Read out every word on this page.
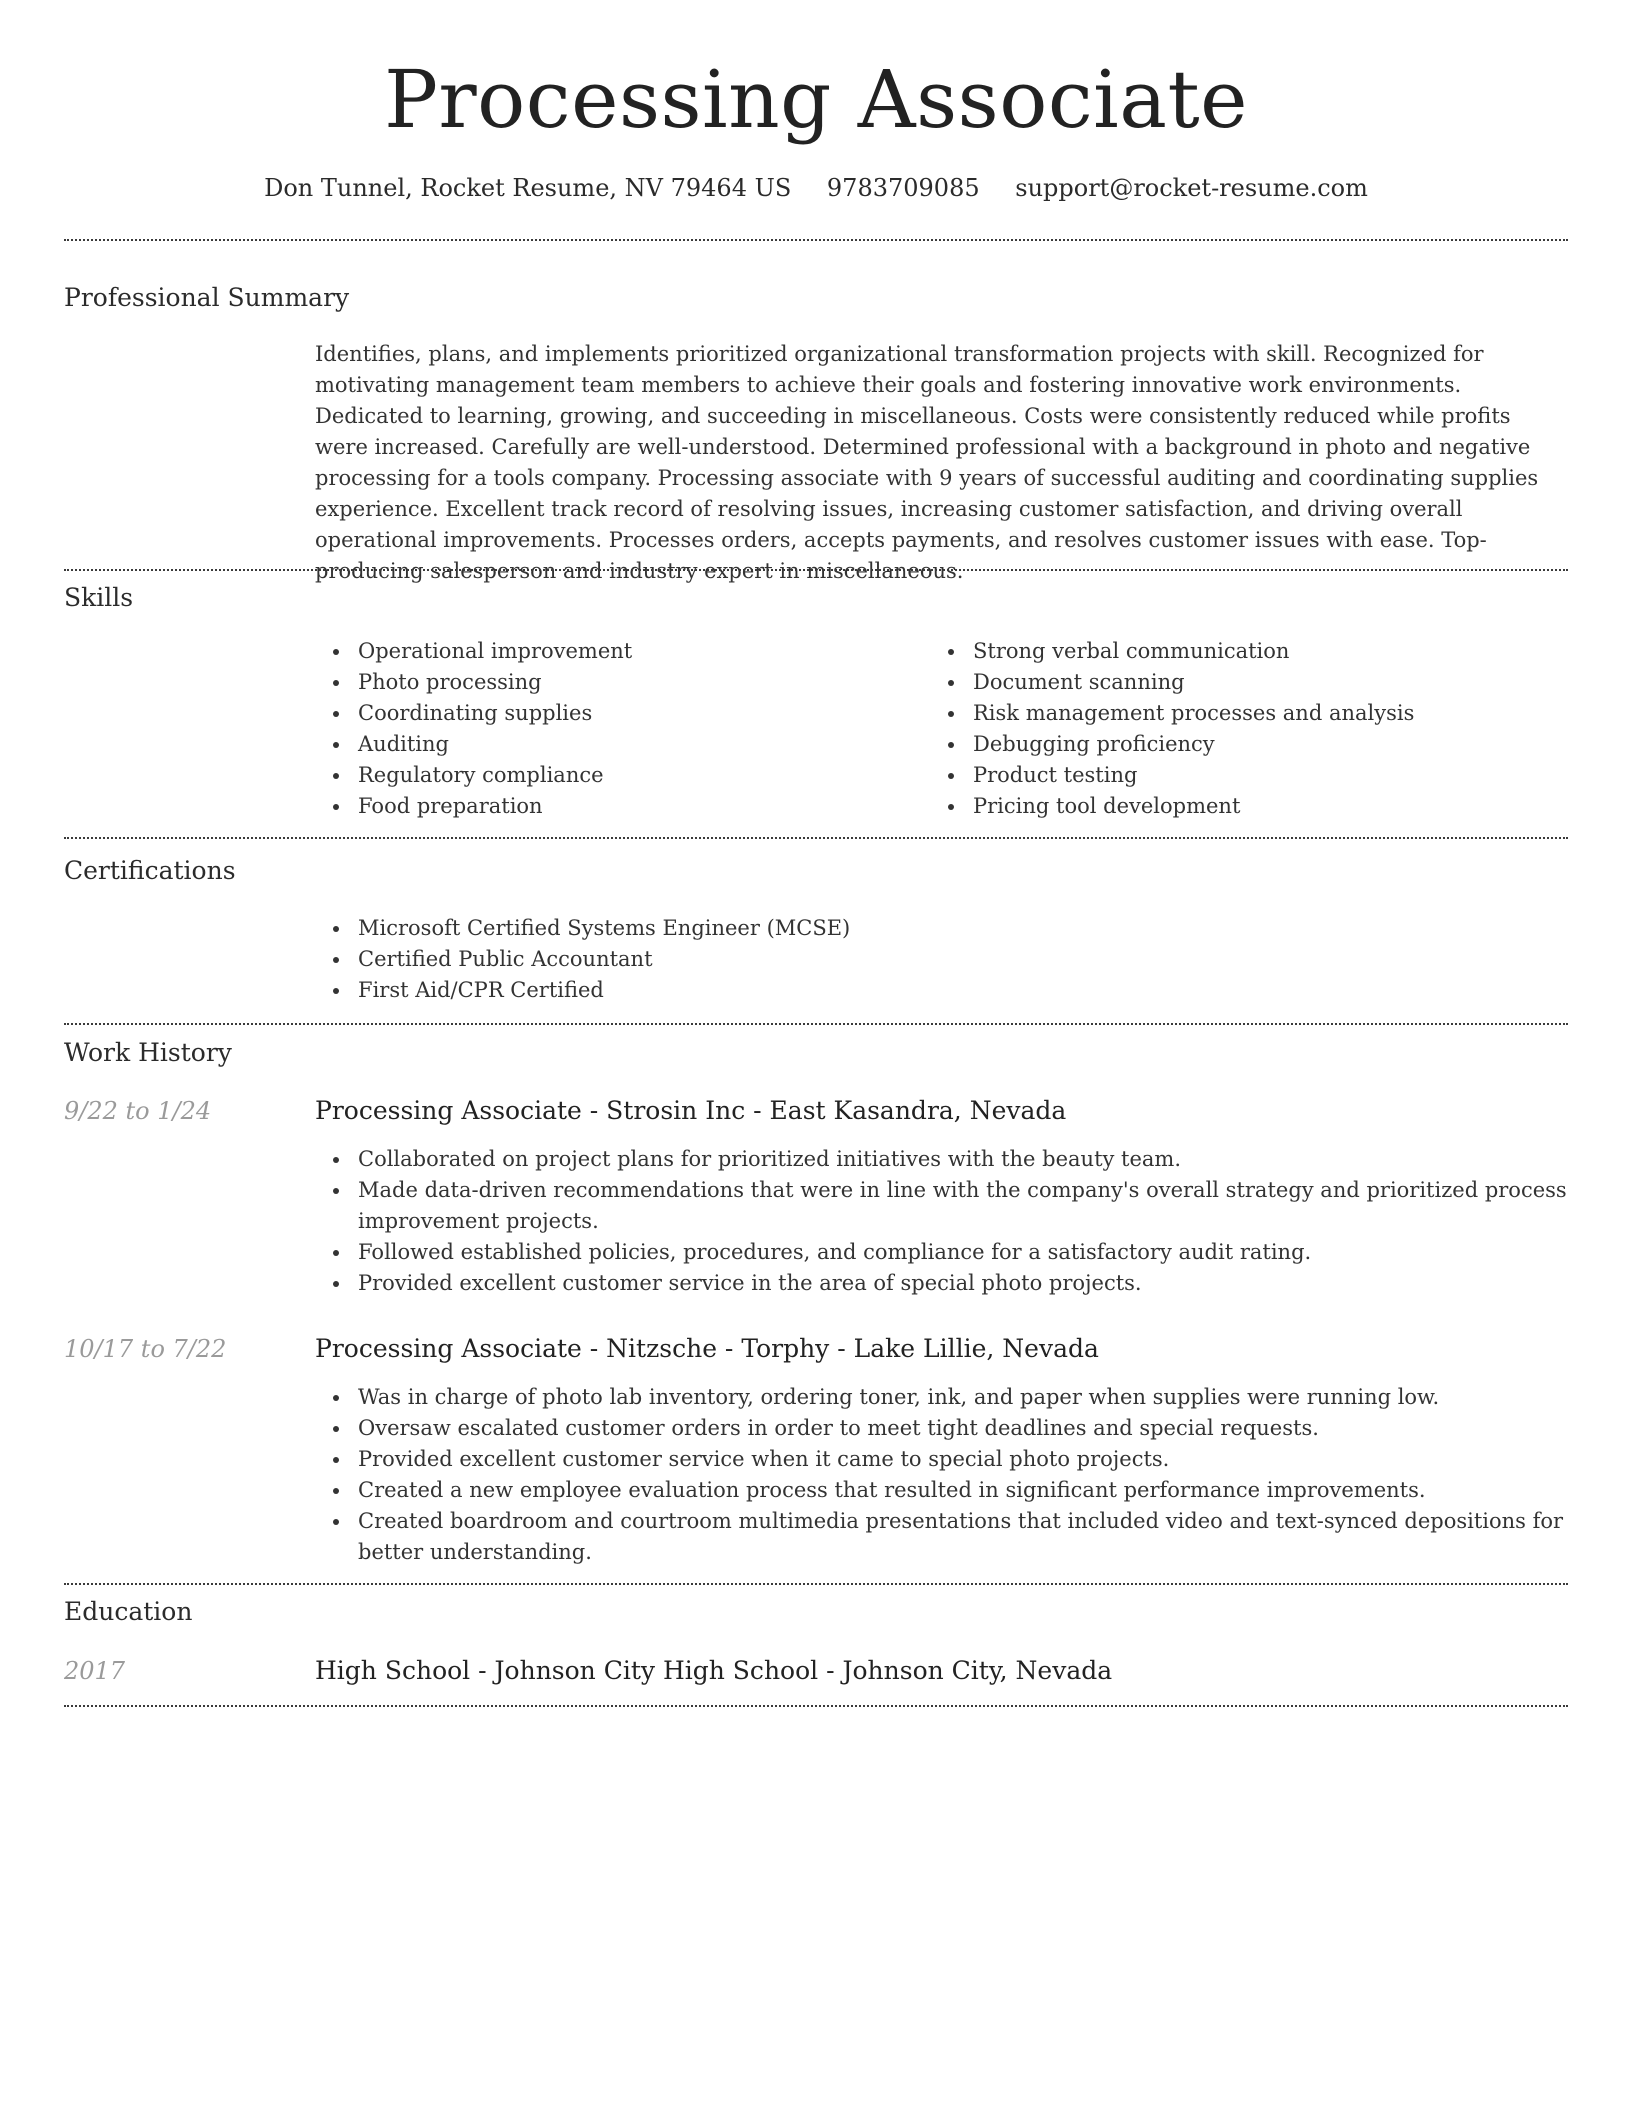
Processing Associate
Don Tunnel, Rocket Resume, NV 79464 US 9783709085 support@rocket-resume.com
Professional Summary
Identifies, plans, and implements prioritized organizational transformation projects with skill. Recognized for motivating management team members to achieve their goals and fostering innovative work environments. Dedicated to learning, growing, and succeeding in miscellaneous. Costs were consistently reduced while profits were increased. Carefully are well-understood. Determined professional with a background in photo and negative processing for a tools company. Processing associate with 9 years of successful auditing and coordinating supplies experience. Excellent track record of resolving issues, increasing customer satisfaction, and driving overall operational improvements. Processes orders, accepts payments, and resolves customer issues with ease. Top-producing salesperson and industry expert in miscellaneous.
Skills
Operational improvement
Photo processing
Coordinating supplies
Auditing
Regulatory compliance
Food preparation
Strong verbal communication
Document scanning
Risk management processes and analysis
Debugging proficiency
Product testing
Pricing tool development
Certifications
Microsoft Certified Systems Engineer (MCSE)
Certified Public Accountant
First Aid/CPR Certified
Work History
9/22 to 1/24	Processing Associate - Strosin Inc - East Kasandra, Nevada
Collaborated on project plans for prioritized initiatives with the beauty team.
Made data-driven recommendations that were in line with the company's overall strategy and prioritized process improvement projects.
Followed established policies, procedures, and compliance for a satisfactory audit rating.
Provided excellent customer service in the area of special photo projects.
10/17 to 7/22	Processing Associate - Nitzsche - Torphy - Lake Lillie, Nevada
Was in charge of photo lab inventory, ordering toner, ink, and paper when supplies were running low.
Oversaw escalated customer orders in order to meet tight deadlines and special requests.
Provided excellent customer service when it came to special photo projects.
Created a new employee evaluation process that resulted in significant performance improvements.
Created boardroom and courtroom multimedia presentations that included video and text-synced depositions for better understanding.
Education
2017	High School - Johnson City High School - Johnson City, Nevada
